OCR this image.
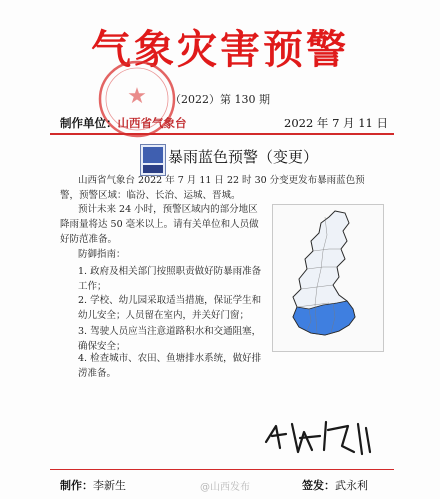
气象灾害预警
★	（2022）第 130 期
制作单位：山西省气象台	2022 年 7 月 11 日
暴雨蓝色预警（变更）
山西省气象台 2022 年 7 月 11 日 22 时 30 分变更发布暴雨蓝色预警，预警区域：临汾、长治、运城、晋城。
预计未来 24 小时，预警区域内的部分地区降雨量将达 50 毫米以上。请有关单位和人员做好防范准备。
防御指南：
1. 政府及相关部门按照职责做好防暴雨准备工作；
2. 学校、幼儿园采取适当措施，保证学生和幼儿安全；人员留在室内，并关好门窗；
3. 驾驶人员应当注意道路积水和交通阻塞，确保安全；
4. 检查城市、农田、鱼塘排水系统，做好排涝准备。
制作：李新生	@山西发布	签发：武永利
